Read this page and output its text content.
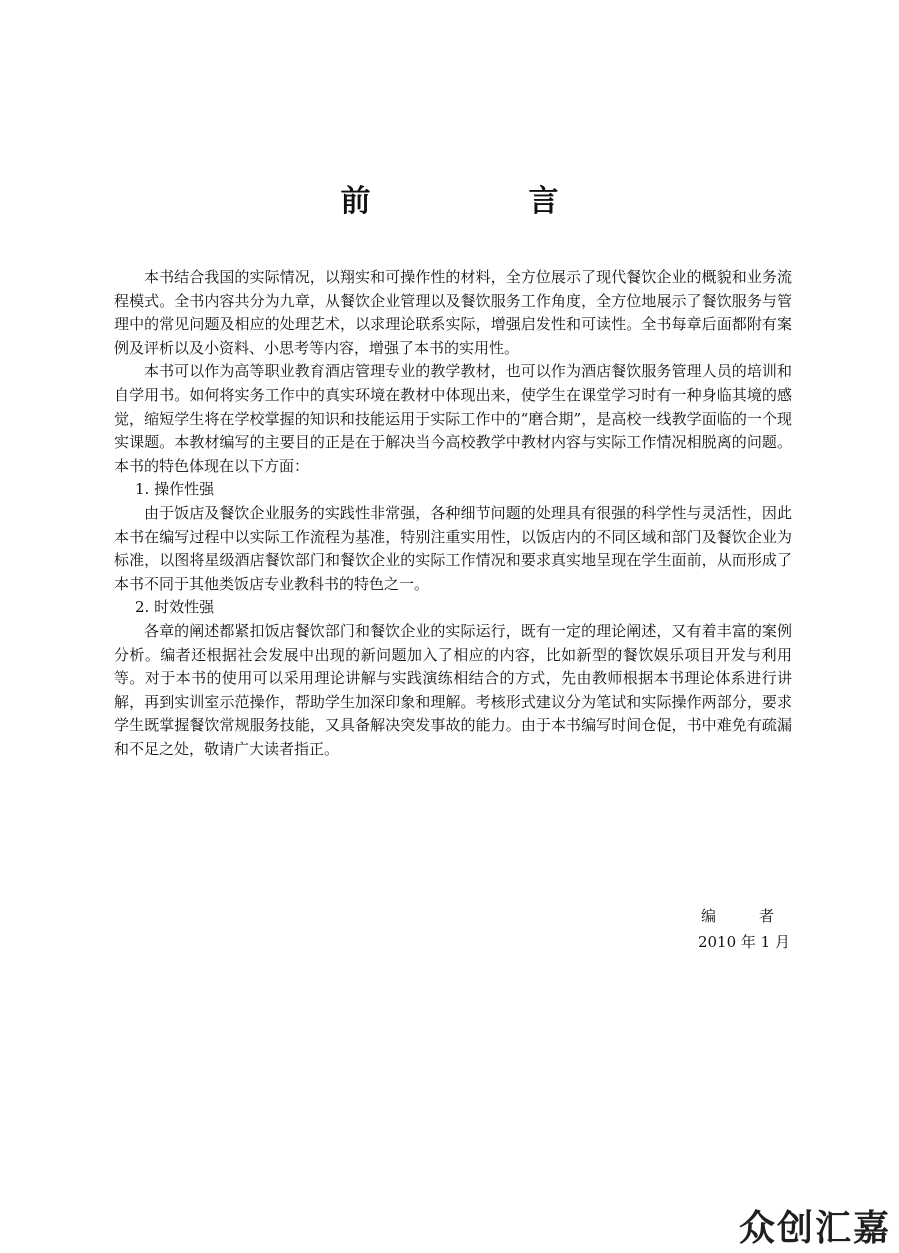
前　言

本书结合我国的实际情况，以翔实和可操作性的材料，全方位展示了现代餐饮企业的概貌和业务流程模式。全书内容共分为九章，从餐饮企业管理以及餐饮服务工作角度，全方位地展示了餐饮服务与管理中的常见问题及相应的处理艺术，以求理论联系实际，增强启发性和可读性。全书每章后面都附有案例及评析以及小资料、小思考等内容，增强了本书的实用性。

本书可以作为高等职业教育酒店管理专业的教学教材，也可以作为酒店餐饮服务管理人员的培训和自学用书。如何将实务工作中的真实环境在教材中体现出来，使学生在课堂学习时有一种身临其境的感觉，缩短学生将在学校掌握的知识和技能运用于实际工作中的“磨合期”，是高校一线教学面临的一个现实课题。本教材编写的主要目的正是在于解决当今高校教学中教材内容与实际工作情况相脱离的问题。本书的特色体现在以下方面：

1. 操作性强

由于饭店及餐饮企业服务的实践性非常强，各种细节问题的处理具有很强的科学性与灵活性，因此本书在编写过程中以实际工作流程为基准，特别注重实用性，以饭店内的不同区域和部门及餐饮企业为标准，以图将星级酒店餐饮部门和餐饮企业的实际工作情况和要求真实地呈现在学生面前，从而形成了本书不同于其他类饭店专业教科书的特色之一。

2. 时效性强

各章的阐述都紧扣饭店餐饮部门和餐饮企业的实际运行，既有一定的理论阐述，又有着丰富的案例分析。编者还根据社会发展中出现的新问题加入了相应的内容，比如新型的餐饮娱乐项目开发与利用等。对于本书的使用可以采用理论讲解与实践演练相结合的方式，先由教师根据本书理论体系进行讲解，再到实训室示范操作，帮助学生加深印象和理解。考核形式建议分为笔试和实际操作两部分，要求学生既掌握餐饮常规服务技能，又具备解决突发事故的能力。由于本书编写时间仓促，书中难免有疏漏和不足之处，敬请广大读者指正。

编　者
2010 年 1 月
众创汇嘉
